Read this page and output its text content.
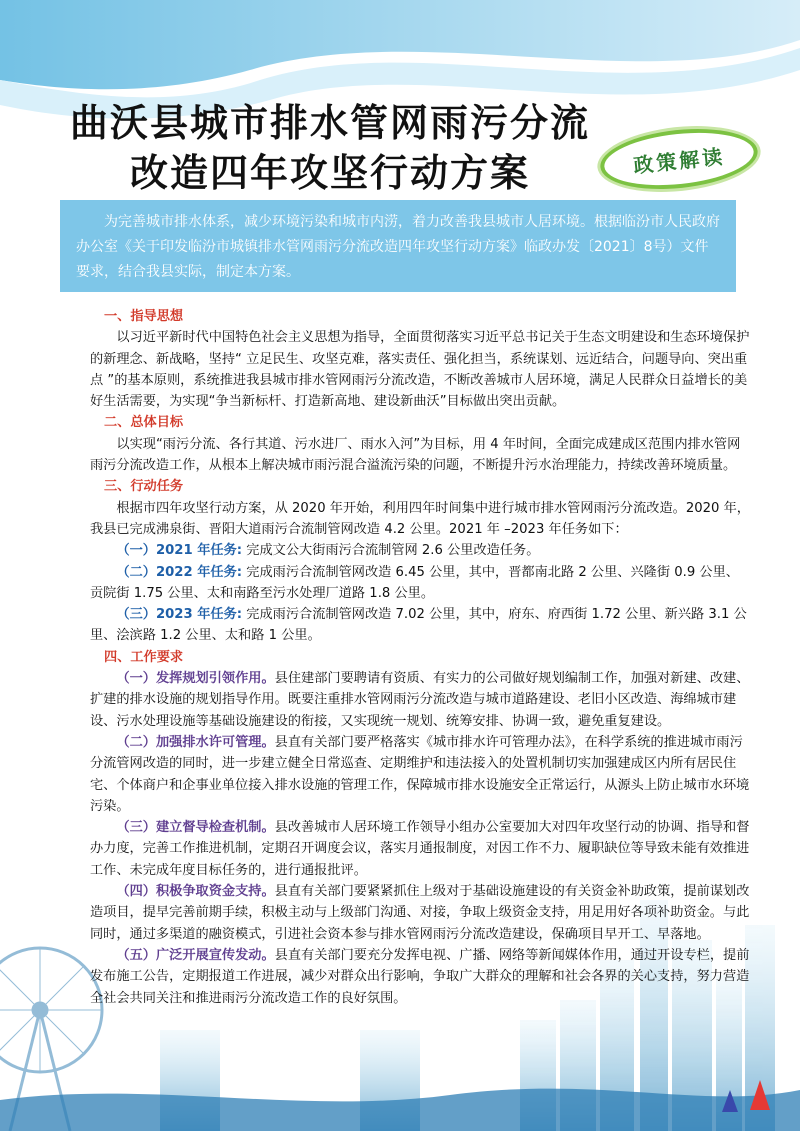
曲沃县城市排水管网雨污分流
改造四年攻坚行动方案	政策解读
为完善城市排水体系，减少环境污染和城市内涝，着力改善我县城市人居环境。根据临汾市人民政府办公室《关于印发临汾市城镇排水管网雨污分流改造四年攻坚行动方案》临政办发〔2021〕8号）文件要求，结合我县实际，制定本方案。

一、指导思想

以习近平新时代中国特色社会主义思想为指导，全面贯彻落实习近平总书记关于生态文明建设和生态环境保护的新理念、新战略，坚持“ 立足民生、攻坚克难，落实责任、强化担当，系统谋划、远近结合，问题导向、突出重点 ”的基本原则，系统推进我县城市排水管网雨污分流改造，不断改善城市人居环境，满足人民群众日益增长的美好生活需要，为实现“争当新标杆、打造新高地、建设新曲沃”目标做出突出贡献。

二、总体目标

以实现“雨污分流、各行其道、污水进厂、雨水入河”为目标，用 4 年时间，全面完成建成区范围内排水管网雨污分流改造工作，从根本上解决城市雨污混合溢流污染的问题，不断提升污水治理能力，持续改善环境质量。

三、行动任务

根据市四年攻坚行动方案，从 2020 年开始，利用四年时间集中进行城市排水管网雨污分流改造。2020 年，我县已完成沸泉街、晋阳大道雨污合流制管网改造 4.2 公里。2021 年 –2023 年任务如下：

（一）2021 年任务: 完成文公大街雨污合流制管网 2.6 公里改造任务。

（二）2022 年任务: 完成雨污合流制管网改造 6.45 公里，其中，晋都南北路 2 公里、兴隆街 0.9 公里、贡院街 1.75 公里、太和南路至污水处理厂道路 1.8 公里。

（三）2023 年任务: 完成雨污合流制管网改造 7.02 公里，其中，府东、府西街 1.72 公里、新兴路 3.1 公里、浍滨路 1.2 公里、太和路 1 公里。

四、工作要求

（一）发挥规划引领作用。县住建部门要聘请有资质、有实力的公司做好规划编制工作，加强对新建、改建、扩建的排水设施的规划指导作用。既要注重排水管网雨污分流改造与城市道路建设、老旧小区改造、海绵城市建设、污水处理设施等基础设施建设的衔接，又实现统一规划、统筹安排、协调一致，避免重复建设。

（二）加强排水许可管理。县直有关部门要严格落实《城市排水许可管理办法》，在科学系统的推进城市雨污分流管网改造的同时，进一步建立健全日常巡查、定期维护和违法接入的处置机制切实加强建成区内所有居民住宅、个体商户和企事业单位接入排水设施的管理工作，保障城市排水设施安全正常运行，从源头上防止城市水环境污染。

（三）建立督导检查机制。县改善城市人居环境工作领导小组办公室要加大对四年攻坚行动的协调、指导和督办力度，完善工作推进机制，定期召开调度会议，落实月通报制度，对因工作不力、履职缺位等导致未能有效推进工作、未完成年度目标任务的，进行通报批评。

（四）积极争取资金支持。县直有关部门要紧紧抓住上级对于基础设施建设的有关资金补助政策，提前谋划改造项目，提早完善前期手续，积极主动与上级部门沟通、对接，争取上级资金支持，用足用好各项补助资金。与此同时，通过多渠道的融资模式，引进社会资本参与排水管网雨污分流改造建设，保确项目早开工、早落地。

（五）广泛开展宣传发动。县直有关部门要充分发挥电视、广播、网络等新闻媒体作用，通过开设专栏，提前发布施工公告，定期报道工作进展，减少对群众出行影响，争取广大群众的理解和社会各界的关心支持，努力营造全社会共同关注和推进雨污分流改造工作的良好氛围。
